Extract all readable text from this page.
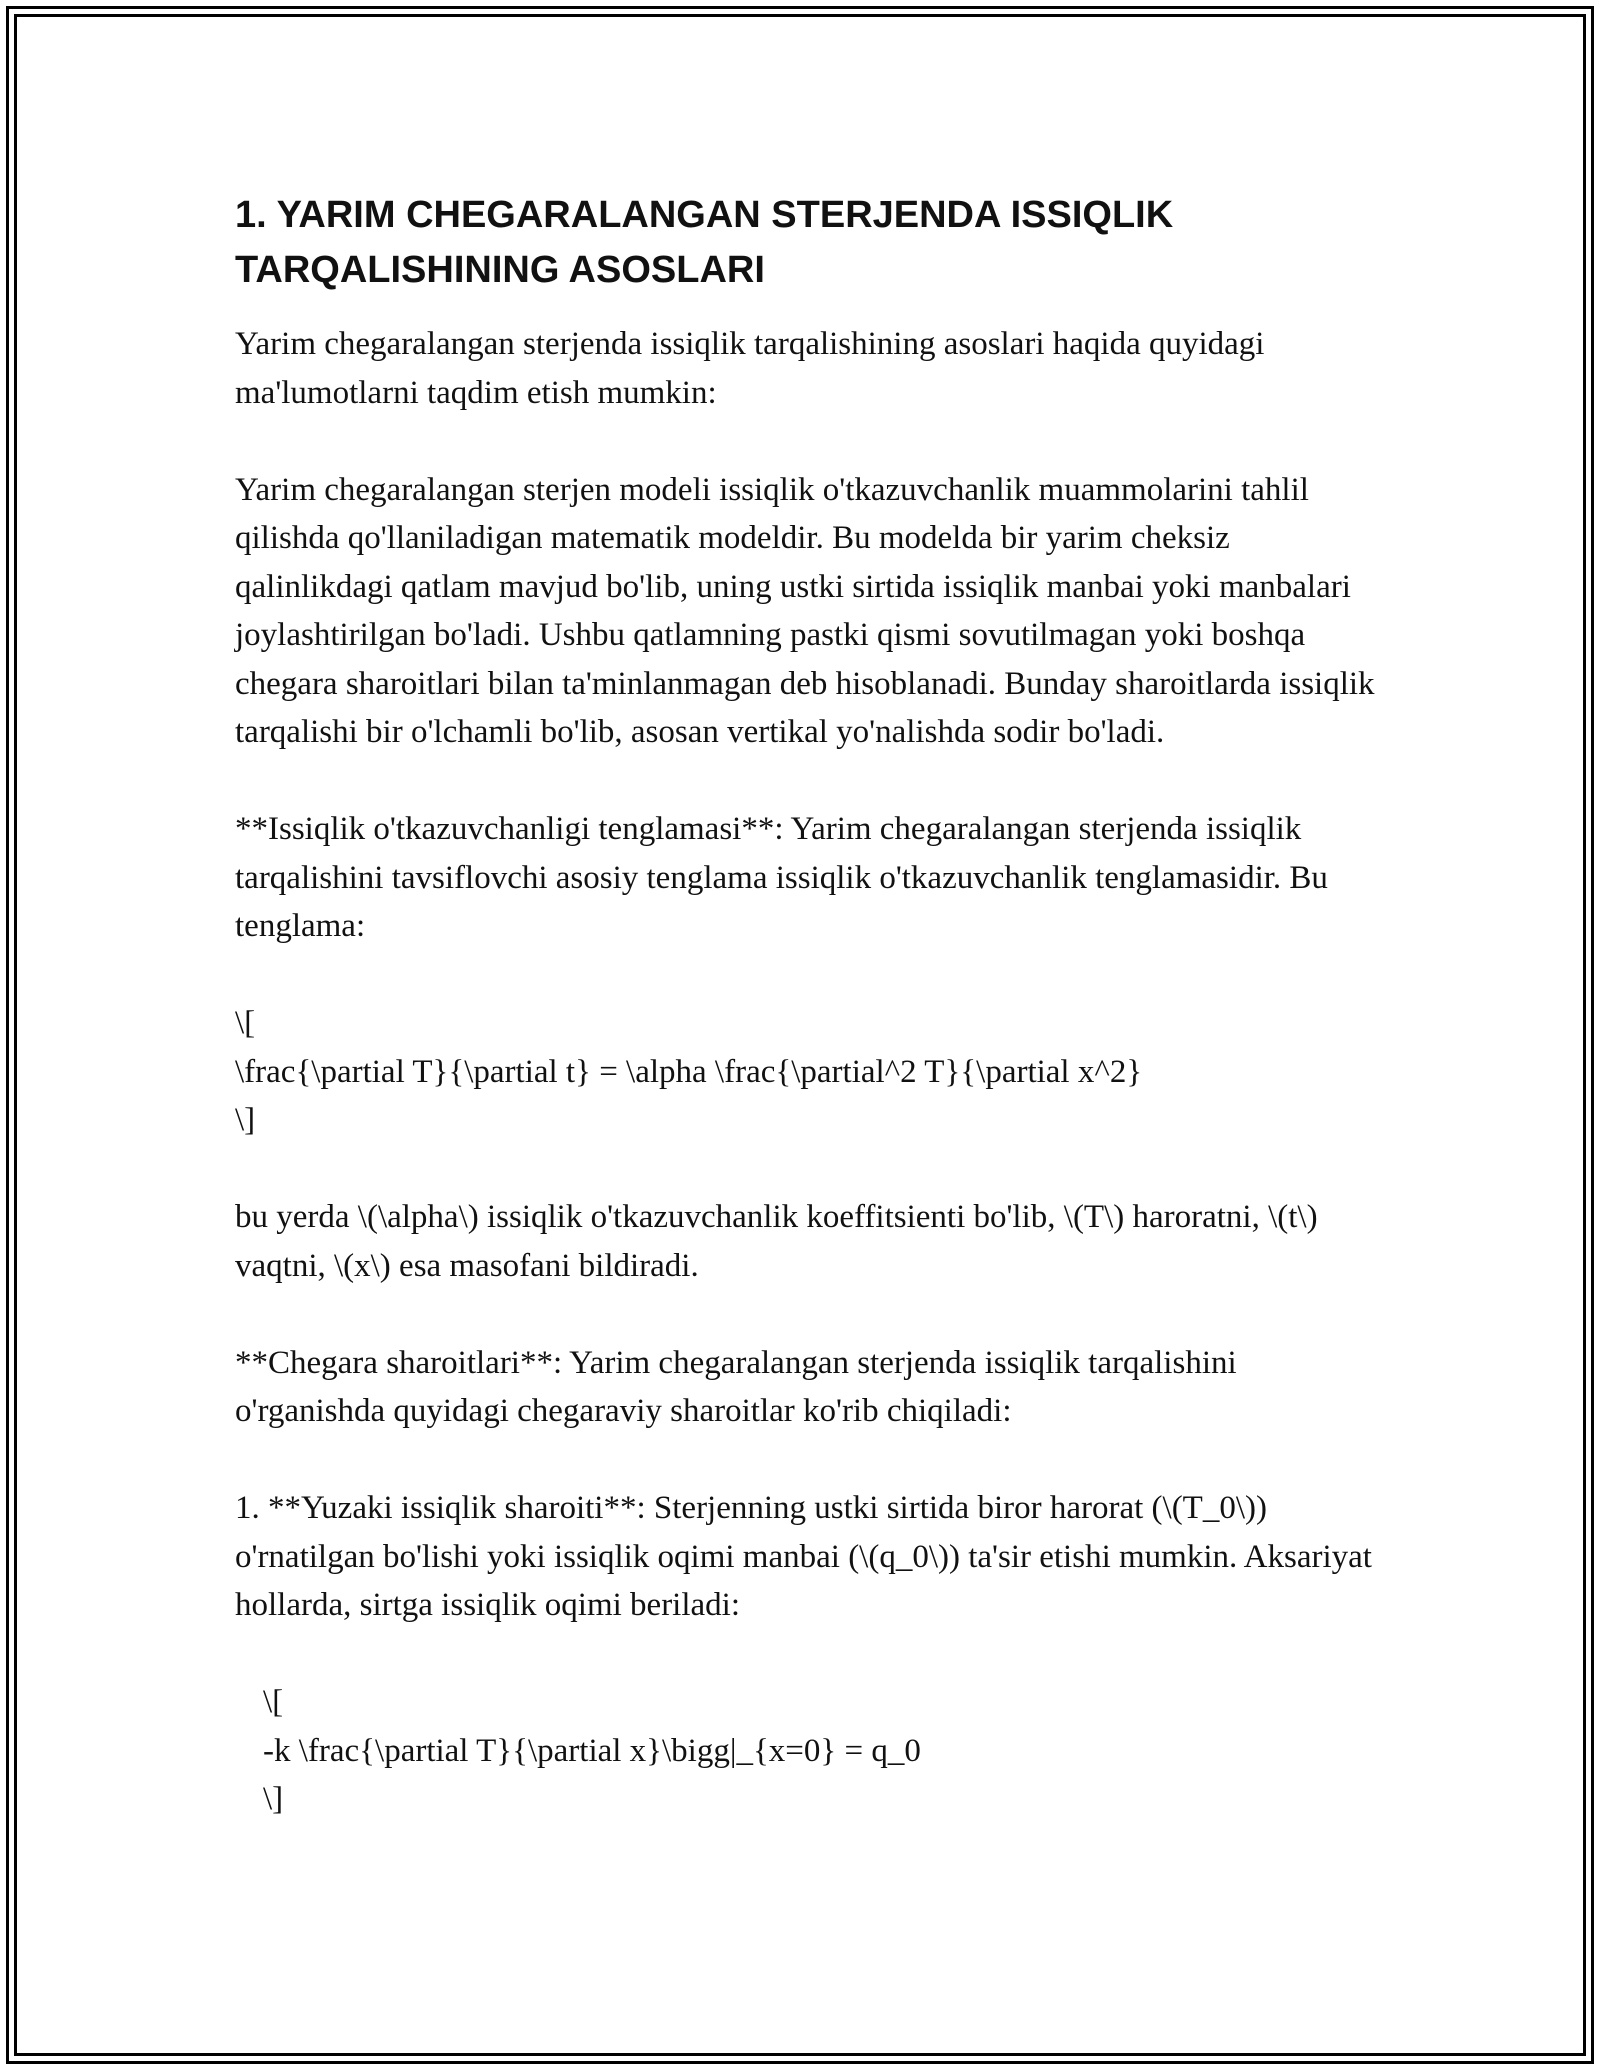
1. YARIM CHEGARALANGAN STERJENDA ISSIQLIK TARQALISHINING ASOSLARI

Yarim chegaralangan sterjenda issiqlik tarqalishining asoslari haqida quyidagi ma'lumotlarni taqdim etish mumkin:

Yarim chegaralangan sterjen modeli issiqlik o'tkazuvchanlik muammolarini tahlil qilishda qo'llaniladigan matematik modeldir. Bu modelda bir yarim cheksiz qalinlikdagi qatlam mavjud bo'lib, uning ustki sirtida issiqlik manbai yoki manbalari joylashtirilgan bo'ladi. Ushbu qatlamning pastki qismi sovutilmagan yoki boshqa chegara sharoitlari bilan ta'minlanmagan deb hisoblanadi. Bunday sharoitlarda issiqlik tarqalishi bir o'lchamli bo'lib, asosan vertikal yo'nalishda sodir bo'ladi.

**Issiqlik o'tkazuvchanligi tenglamasi**: Yarim chegaralangan sterjenda issiqlik tarqalishini tavsiflovchi asosiy tenglama issiqlik o'tkazuvchanlik tenglamasidir. Bu tenglama:

\[

\frac{\partial T}{\partial t} = \alpha \frac{\partial^2 T}{\partial x^2}

\]

bu yerda \(\alpha\) issiqlik o'tkazuvchanlik koeffitsienti bo'lib, \(T\) haroratni, \(t\) vaqtni, \(x\) esa masofani bildiradi.

**Chegara sharoitlari**: Yarim chegaralangan sterjenda issiqlik tarqalishini o'rganishda quyidagi chegaraviy sharoitlar ko'rib chiqiladi:

1. **Yuzaki issiqlik sharoiti**: Sterjenning ustki sirtida biror harorat (\(T_0\)) o'rnatilgan bo'lishi yoki issiqlik oqimi manbai (\(q_0\)) ta'sir etishi mumkin. Aksariyat hollarda, sirtga issiqlik oqimi beriladi:

\[

-k \frac{\partial T}{\partial x}\bigg|_{x=0} = q_0

\]
